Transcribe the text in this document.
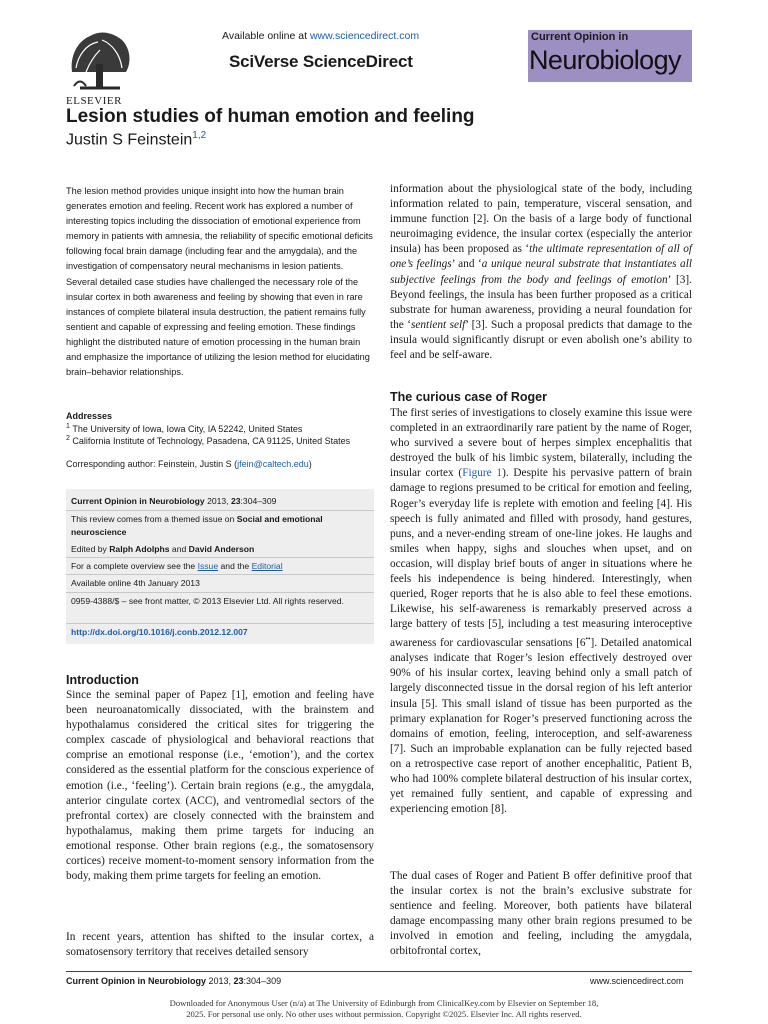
ELSEVIER
Available online at www.sciencedirect.com
SciVerse ScienceDirect
Current Opinion in
Neurobiology
Lesion studies of human emotion and feeling
Justin S Feinstein$^{1,2}$
The lesion method provides unique insight into how the human brain generates emotion and feeling. Recent work has explored a number of interesting topics including the dissociation of emotional experience from memory in patients with amnesia, the reliability of specific emotional deficits following focal brain damage (including fear and the amygdala), and the investigation of compensatory neural mechanisms in lesion patients. Several detailed case studies have challenged the necessary role of the insular cortex in both awareness and feeling by showing that even in rare instances of complete bilateral insula destruction, the patient remains fully sentient and capable of expressing and feeling emotion. These findings highlight the distributed nature of emotion processing in the human brain and emphasize the importance of utilizing the lesion method for elucidating brain–behavior relationships.
Addresses
$^1$ The University of Iowa, Iowa City, IA 52242, United States
$^2$ California Institute of Technology, Pasadena, CA 91125, United States
Corresponding author: Feinstein, Justin S (jfein@caltech.edu)
Current Opinion in Neurobiology 2013, 23:304–309
This review comes from a themed issue on Social and emotional neuroscience
Edited by Ralph Adolphs and David Anderson
For a complete overview see the Issue and the Editorial
Available online 4th January 2013
0959-4388/$ – see front matter, © 2013 Elsevier Ltd. All rights reserved.
http://dx.doi.org/10.1016/j.conb.2012.12.007
Introduction
Since the seminal paper of Papez [1], emotion and feeling have been neuroanatomically dissociated, with the brainstem and hypothalamus considered the critical sites for triggering the complex cascade of physiological and behavioral reactions that comprise an emotional response (i.e., ‘emotion’), and the cortex considered as the essential platform for the conscious experience of emotion (i.e., ‘feeling’). Certain brain regions (e.g., the amygdala, anterior cingulate cortex (ACC), and ventromedial sectors of the prefrontal cortex) are closely connected with the brainstem and hypothalamus, making them prime targets for inducing an emotional response. Other brain regions (e.g., the somatosensory cortices) receive moment-to-moment sensory information from the body, making them prime targets for feeling an emotion.
In recent years, attention has shifted to the insular cortex, a somatosensory territory that receives detailed sensory
information about the physiological state of the body, including information related to pain, temperature, visceral sensation, and immune function [2]. On the basis of a large body of functional neuroimaging evidence, the insular cortex (especially the anterior insula) has been proposed as ‘the ultimate representation of all of one’s feelings’ and ‘a unique neural substrate that instantiates all subjective feelings from the body and feelings of emotion’ [3]. Beyond feelings, the insula has been further proposed as a critical substrate for human awareness, providing a neural foundation for the ‘sentient self’ [3]. Such a proposal predicts that damage to the insula would significantly disrupt or even abolish one’s ability to feel and be self-aware.
The curious case of Roger
The first series of investigations to closely examine this issue were completed in an extraordinarily rare patient by the name of Roger, who survived a severe bout of herpes simplex encephalitis that destroyed the bulk of his limbic system, bilaterally, including the insular cortex (Figure 1). Despite his pervasive pattern of brain damage to regions presumed to be critical for emotion and feeling, Roger’s everyday life is replete with emotion and feeling [4]. His speech is fully animated and filled with prosody, hand gestures, puns, and a never-ending stream of one-line jokes. He laughs and smiles when happy, sighs and slouches when upset, and on occasion, will display brief bouts of anger in situations where he feels his independence is being hindered. Interestingly, when queried, Roger reports that he is also able to feel these emotions. Likewise, his self-awareness is remarkably preserved across a large battery of tests [5], including a test measuring interoceptive awareness for cardiovascular sensations [6••]. Detailed anatomical analyses indicate that Roger’s lesion effectively destroyed over 90% of his insular cortex, leaving behind only a small patch of largely disconnected tissue in the dorsal region of his left anterior insula [5]. This small island of tissue has been purported as the primary explanation for Roger’s preserved functioning across the domains of emotion, feeling, interoception, and self-awareness [7]. Such an improbable explanation can be fully rejected based on a retrospective case report of another encephalitic, Patient B, who had 100% complete bilateral destruction of his insular cortex, yet remained fully sentient, and capable of expressing and experiencing emotion [8].
The dual cases of Roger and Patient B offer definitive proof that the insular cortex is not the brain’s exclusive substrate for sentience and feeling. Moreover, both patients have bilateral damage encompassing many other brain regions presumed to be involved in emotion and feeling, including the amygdala, orbitofrontal cortex,
Current Opinion in Neurobiology 2013, 23:304–309	www.sciencedirect.com
Downloaded for Anonymous User (n/a) at The University of Edinburgh from ClinicalKey.com by Elsevier on September 18,
2025. For personal use only. No other uses without permission. Copyright ©2025. Elsevier Inc. All rights reserved.
